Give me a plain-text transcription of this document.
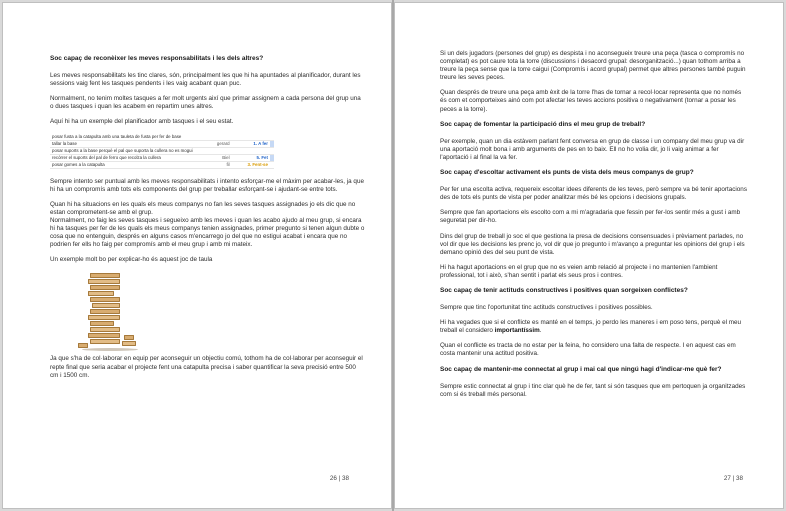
Soc capaç de reconèixer les meves responsabilitats i les dels altres?

Les meves responsabilitats les tinc clares, són, principalment les que hi ha apuntades al planificador, durant les sessions vaig fent les tasques pendents i les vaig acabant quan puc.

Normalment, no tenim moltes tasques a fer molt urgents així que primar assignem a cada persona del grup una o dues tasques i quan les acabem en repartim unes altres.

Aquí hi ha un exemple del planificador amb tasques i el seu estat.

posar fusta a la catapulta amb una tauleta de fusta per fer de base			
tallar la base	gerard	1. A fer	
posar suports a la base perquè el pal que suporta la cullera no es mogui			
recórrer el suports del pal de ferro que recolza la cullera	Biel	5. Fet	
posar gomes a la catapulta	fil	3. Fent-se	

Sempre intento ser puntual amb les meves responsabilitats i intento esforçar-me el màxim per acabar-les, ja que hi ha un compromís amb tots els components del grup per treballar esforçant-se i ajudant-se entre tots.

Quan hi ha situacions en les quals els meus companys no fan les seves tasques assignades jo els dic que no estan comprometent-se amb el grup.
Normalment, no faig les seves tasques i segueixo amb les meves i quan les acabo ajudo al meu grup, si encara hi ha tasques per fer de les quals els meus companys tenien assignades, primer pregunto si tenen algun dubte o cosa que no entenguin, després en alguns casos m'encarrego jo del que no estigui acabat i encara que no podrien fer ells ho faig per compromís amb el meu grup i amb mi mateix.

Un exemple molt bo per explicar-ho és aquest joc de taula

Ja que s'ha de col·laborar en equip per aconseguir un objectiu comú, tothom ha de col·laborar per aconseguir el repte final que seria acabar el projecte fent una catapulta precisa i saber quantificar la seva precisió entre 500 cm i 1500 cm.

26 | 38

Si un dels jugadors (persones del grup) es despista i no aconsegueix treure una peça (tasca o compromís no completat) es pot caure tota la torre (discussions i desacord grupal: desorganització...) quan tothom arriba a treure la peça sense que la torre caigui (Compromís i acord grupal) permet que altres persones també puguin treure les seves peces.

Quan després de treure una peça amb èxit de la torre l'has de tornar a recol·locar representa que no només és com et comporteixes ainó com pot afectar les teves accions positiva o negativament (tornar a posar les peces a la torre).

Soc capaç de fomentar la participació dins el meu grup de treball?

Per exemple, quan un dia estàvem parlant fent conversa en grup de classe i un company del meu grup va dir una aportació molt bona i amb arguments de pes en to baix. Ell no ho volia dir, jo li vaig animar a fer l'aportació i al final la va fer.

Soc capaç d'escoltar activament els punts de vista dels meus companys de grup?

Per fer una escolta activa, requereix escoltar idees diferents de les teves, però sempre va bé tenir aportacions des de tots els punts de vista per poder analitzar més bé les opcions i decisions grupals.

Sempre que fan aportacions els escolto com a mi m'agradaria que fessin per fer-los sentir més a gust i amb seguretat per dir-ho.

Dins del grup de treball jo soc el que gestiona la presa de decisions consensuades i prèviament parlades, no vol dir que les decisions les prenc jo, vol dir que jo pregunto i m'avanço a preguntar les opinions del grup i els demano opinió des del seu punt de vista.

Hi ha hagut aportacions en el grup que no es veien amb relació al projecte i no mantenien l'ambient professional, tot i això, s'han sentit i parlat els seus pros i contres.

Soc capaç de tenir actituds constructives i positives quan sorgeixen conflictes?

Sempre que tinc l'oportunitat tinc actituds constructives i positives possibles.

Hi ha vegades que si el conflicte es manté en el temps, jo perdo les maneres i em poso tens, perquè el meu treball el considero importantíssim.

Quan el conflicte es tracta de no estar per la feina, ho considero una falta de respecte. I en aquest cas em costa mantenir una actitud positiva.

Soc capaç de mantenir-me connectat al grup i mai cal que ningú hagi d'indicar-me què fer?

Sempre estic connectat al grup i tinc clar què he de fer, tant si són tasques que em pertoquen ja organitzades com si és treball més personal.

27 | 38
